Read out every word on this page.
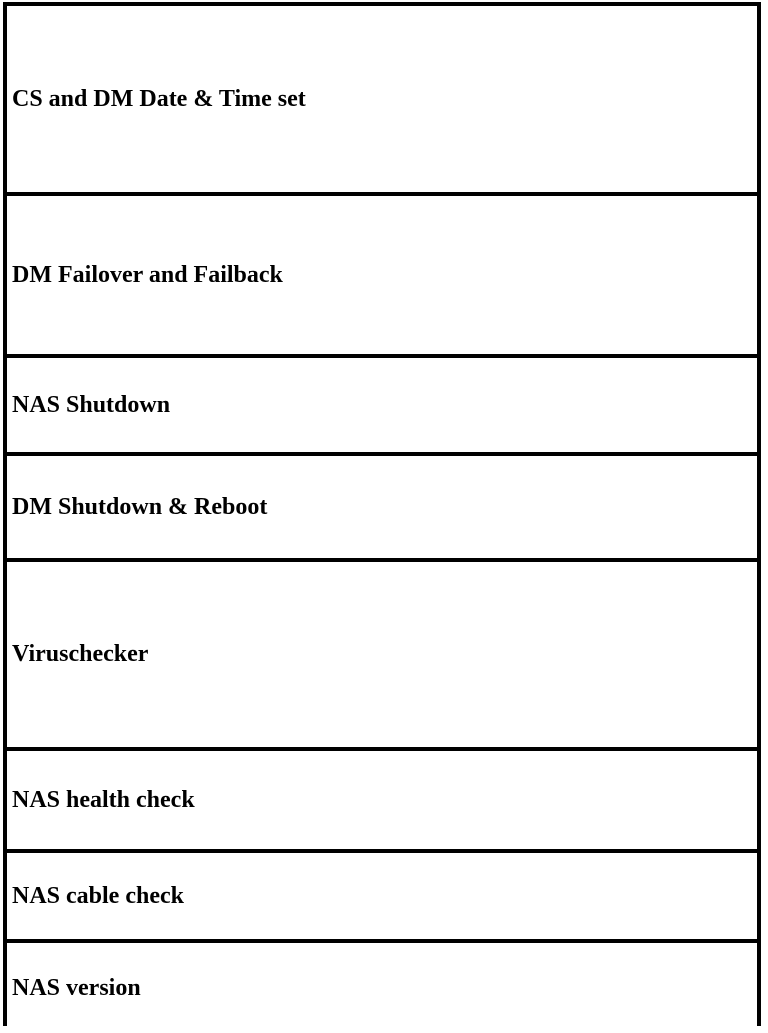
CS and DM Date & Time set
DM Failover and Failback
NAS Shutdown
DM Shutdown & Reboot
Viruschecker
NAS health check
NAS cable check
NAS version
